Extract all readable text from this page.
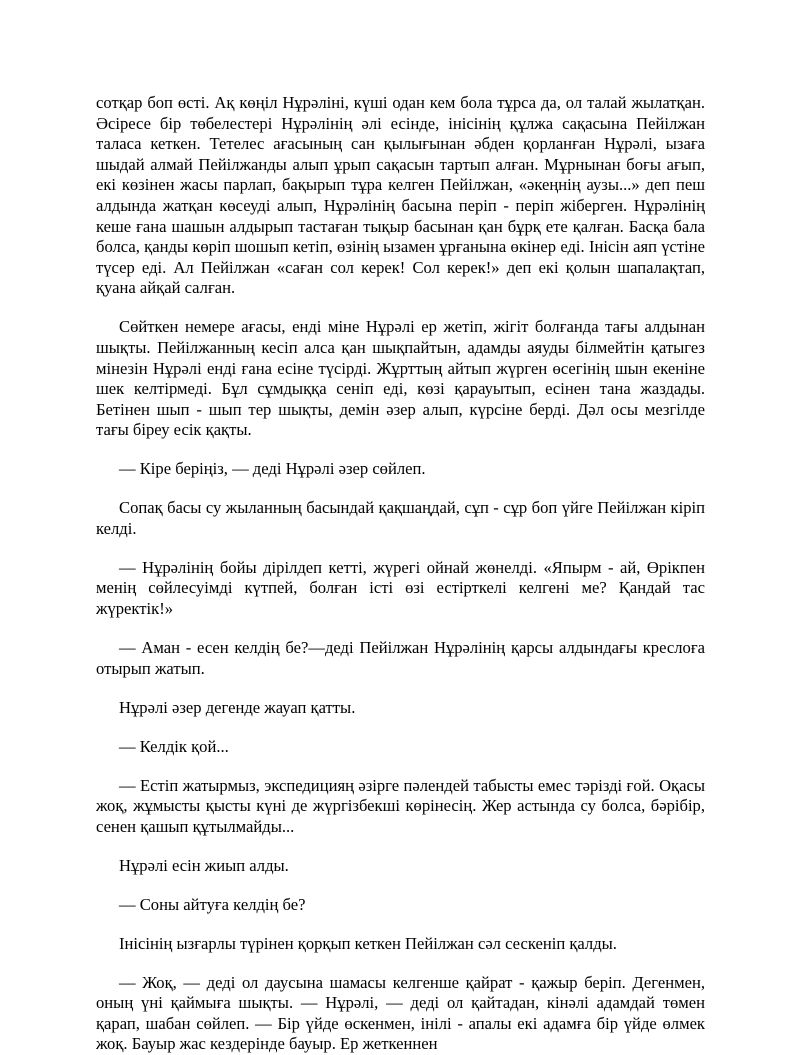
сотқар боп өсті. Ақ көңіл Нұрәліні, күші одан кем бола тұрса да, ол талай жылатқан. Әсіресе бір төбелестері Нұрәлінің әлі есінде, інісінің құлжа сақасына Пейілжан таласа кеткен. Тетелес ағасының сан қылығынан әбден қорланған Нұрәлі, ызаға шыдай алмай Пейілжанды алып ұрып сақасын тартып алған. Мұрнынан боғы ағып, екі көзінен жасы парлап, бақырып тұра келген Пейілжан, «әкеңнің аузы...» деп пеш алдында жатқан көсеуді алып, Нұрәлінің басына періп - періп жіберген. Нұрәлінің кеше ғана шашын алдырып тастаған тықыр басынан қан бұрқ ете қалған. Басқа бала болса, қанды көріп шошып кетіп, өзінің ызамен ұрғанына өкінер еді. Інісін аяп үстіне түсер еді. Ал Пейілжан «саған сол керек! Сол керек!» деп екі қолын шапалақтап, қуана айқай салған.

Сөйткен немере ағасы, енді міне Нұрәлі ер жетіп, жігіт болғанда тағы алдынан шықты. Пейілжанның кесіп алса қан шықпайтын, адамды аяуды білмейтін қатыгез мінезін Нұрәлі енді ғана есіне түсірді. Жұрттың айтып жүрген өсегінің шын екеніне шек келтірмеді. Бұл сұмдыққа сеніп еді, көзі қарауытып, есінен тана жаздады. Бетінен шып - шып тер шықты, демін әзер алып, күрсіне берді. Дәл осы мезгілде тағы біреу есік қақты.

— Кіре беріңіз, — деді Нұрәлі әзер сөйлеп.

Сопақ басы су жыланның басындай қақшаңдай, сұп - сұр боп үйге Пейілжан кіріп келді.

— Нұрәлінің бойы дірілдеп кетті, жүрегі ойнай жөнелді. «Япырм - ай, Өрікпен менің сөйлесуімді күтпей, болған істі өзі естірткелі келгені ме? Қандай тас жүректік!»

— Аман - есен келдің бе?—деді Пейілжан Нұрәлінің қарсы алдындағы креслоға отырып жатып.

Нұрәлі әзер дегенде жауап қатты.

— Келдік қой...

— Естіп жатырмыз, экспедицияң әзірге пәлендей табысты емес тәрізді ғой. Оқасы жоқ, жұмысты қысты күні де жүргізбекші көрінесің. Жер астында су болса, бәрібір, сенен қашып құтылмайды...

Нұрәлі есін жиып алды.

— Соны айтуға келдің бе?

Інісінің ызғарлы түрінен қорқып кеткен Пейілжан сәл сескеніп қалды.

— Жоқ, — деді ол даусына шамасы келгенше қайрат - қажыр беріп. Дегенмен, оның үні қаймыға шықты. — Нұрәлі, — деді ол қайтадан, кінәлі адамдай төмен қарап, шабан сөйлеп. — Бір үйде өскенмен, інілі - апалы екі адамға бір үйде өлмек жоқ. Бауыр жас кездерінде бауыр. Ер жеткеннен
